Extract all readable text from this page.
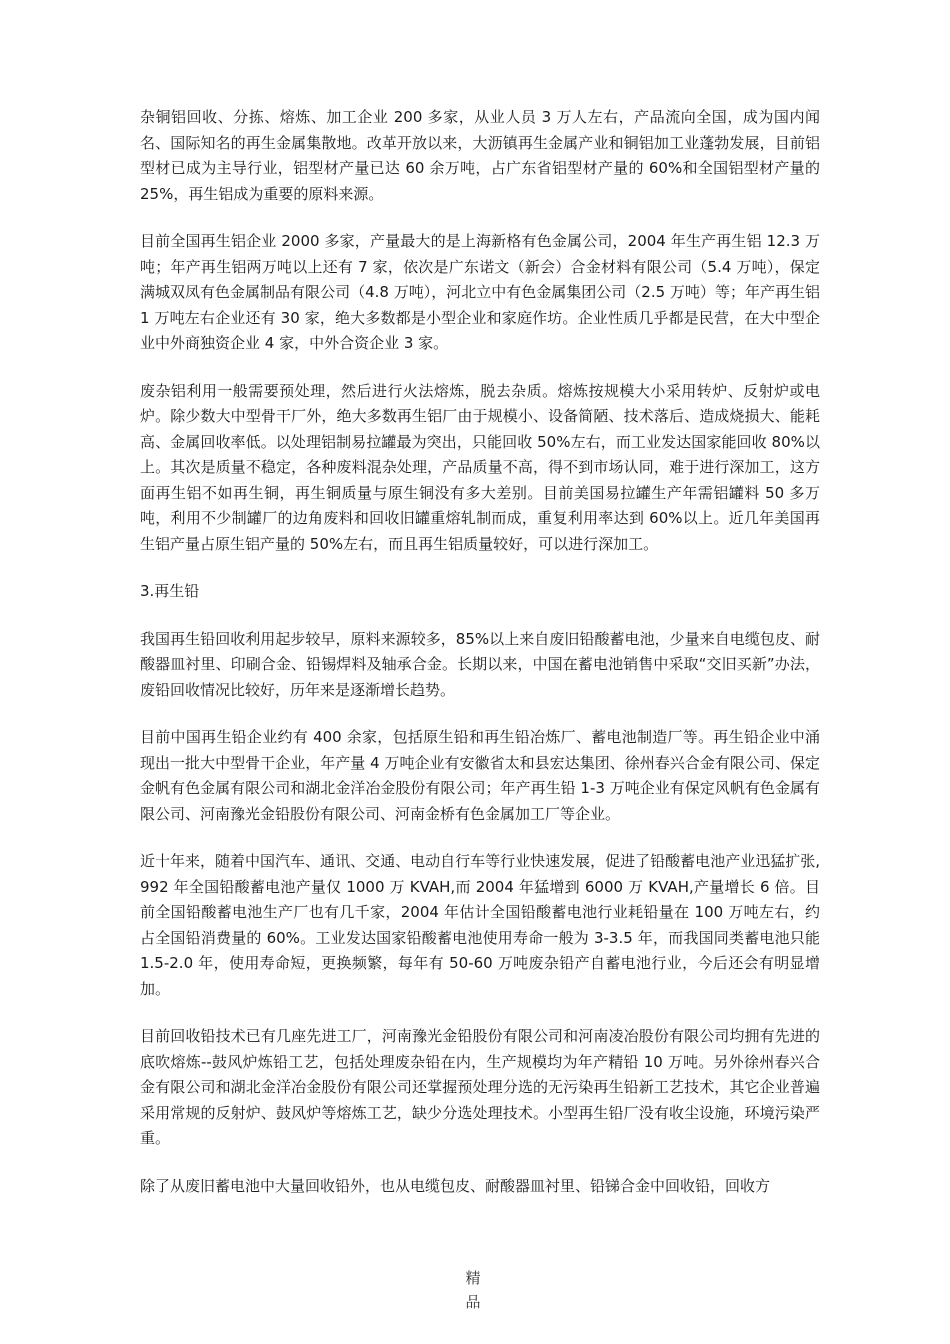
杂铜铝回收、分拣、熔炼、加工企业 200 多家，从业人员 3 万人左右，产品流向全国，成为国内闻名、国际知名的再生金属集散地。改革开放以来，大沥镇再生金属产业和铜铝加工业蓬勃发展，目前铝型材已成为主导行业，铝型材产量已达 60 余万吨，占广东省铝型材产量的 60%和全国铝型材产量的 25%，再生铝成为重要的原料来源。

目前全国再生铝企业 2000 多家，产量最大的是上海新格有色金属公司，2004 年生产再生铝 12.3 万吨；年产再生铝两万吨以上还有 7 家，依次是广东诺文（新会）合金材料有限公司（5.4 万吨），保定满城双凤有色金属制品有限公司（4.8 万吨），河北立中有色金属集团公司（2.5 万吨）等；年产再生铝 1 万吨左右企业还有 30 家，绝大多数都是小型企业和家庭作坊。企业性质几乎都是民营，在大中型企业中外商独资企业 4 家，中外合资企业 3 家。

废杂铝利用一般需要预处理，然后进行火法熔炼，脱去杂质。熔炼按规模大小采用转炉、反射炉或电炉。除少数大中型骨干厂外，绝大多数再生铝厂由于规模小、设备简陋、技术落后、造成烧损大、能耗高、金属回收率低。以处理铝制易拉罐最为突出，只能回收 50%左右，而工业发达国家能回收 80%以上。其次是质量不稳定，各种废料混杂处理，产品质量不高，得不到市场认同，难于进行深加工，这方面再生铝不如再生铜，再生铜质量与原生铜没有多大差别。目前美国易拉罐生产年需铝罐料 50 多万吨，利用不少制罐厂的边角废料和回收旧罐重熔轧制而成，重复利用率达到 60%以上。近几年美国再生铝产量占原生铝产量的 50%左右，而且再生铝质量较好，可以进行深加工。

3.再生铅

我国再生铅回收利用起步较早，原料来源较多，85%以上来自废旧铅酸蓄电池，少量来自电缆包皮、耐酸器皿衬里、印刷合金、铅锡焊料及轴承合金。长期以来，中国在蓄电池销售中采取“交旧买新”办法，废铅回收情况比较好，历年来是逐渐增长趋势。

目前中国再生铅企业约有 400 余家，包括原生铅和再生铅冶炼厂、蓄电池制造厂等。再生铅企业中涌现出一批大中型骨干企业，年产量 4 万吨企业有安徽省太和县宏达集团、徐州春兴合金有限公司、保定金帆有色金属有限公司和湖北金洋冶金股份有限公司；年产再生铅 1-3 万吨企业有保定风帆有色金属有限公司、河南豫光金铅股份有限公司、河南金桥有色金属加工厂等企业。

近十年来，随着中国汽车、通讯、交通、电动自行车等行业快速发展，促进了铅酸蓄电池产业迅猛扩张,992 年全国铅酸蓄电池产量仅 1000 万 KVAH,而 2004 年猛增到 6000 万 KVAH,产量增长 6 倍。目前全国铅酸蓄电池生产厂也有几千家，2004 年估计全国铅酸蓄电池行业耗铅量在 100 万吨左右，约占全国铅消费量的 60%。工业发达国家铅酸蓄电池使用寿命一般为 3-3.5 年，而我国同类蓄电池只能 1.5-2.0 年，使用寿命短，更换频繁，每年有 50-60 万吨废杂铅产自蓄电池行业，今后还会有明显增加。

目前回收铅技术已有几座先进工厂，河南豫光金铅股份有限公司和河南凌冶股份有限公司均拥有先进的底吹熔炼--鼓风炉炼铅工艺，包括处理废杂铅在内，生产规模均为年产精铅 10 万吨。另外徐州春兴合金有限公司和湖北金洋冶金股份有限公司还掌握预处理分选的无污染再生铅新工艺技术，其它企业普遍采用常规的反射炉、鼓风炉等熔炼工艺，缺少分选处理技术。小型再生铅厂没有收尘设施，环境污染严重。

除了从废旧蓄电池中大量回收铅外，也从电缆包皮、耐酸器皿衬里、铅锑合金中回收铅，回收方

精品
